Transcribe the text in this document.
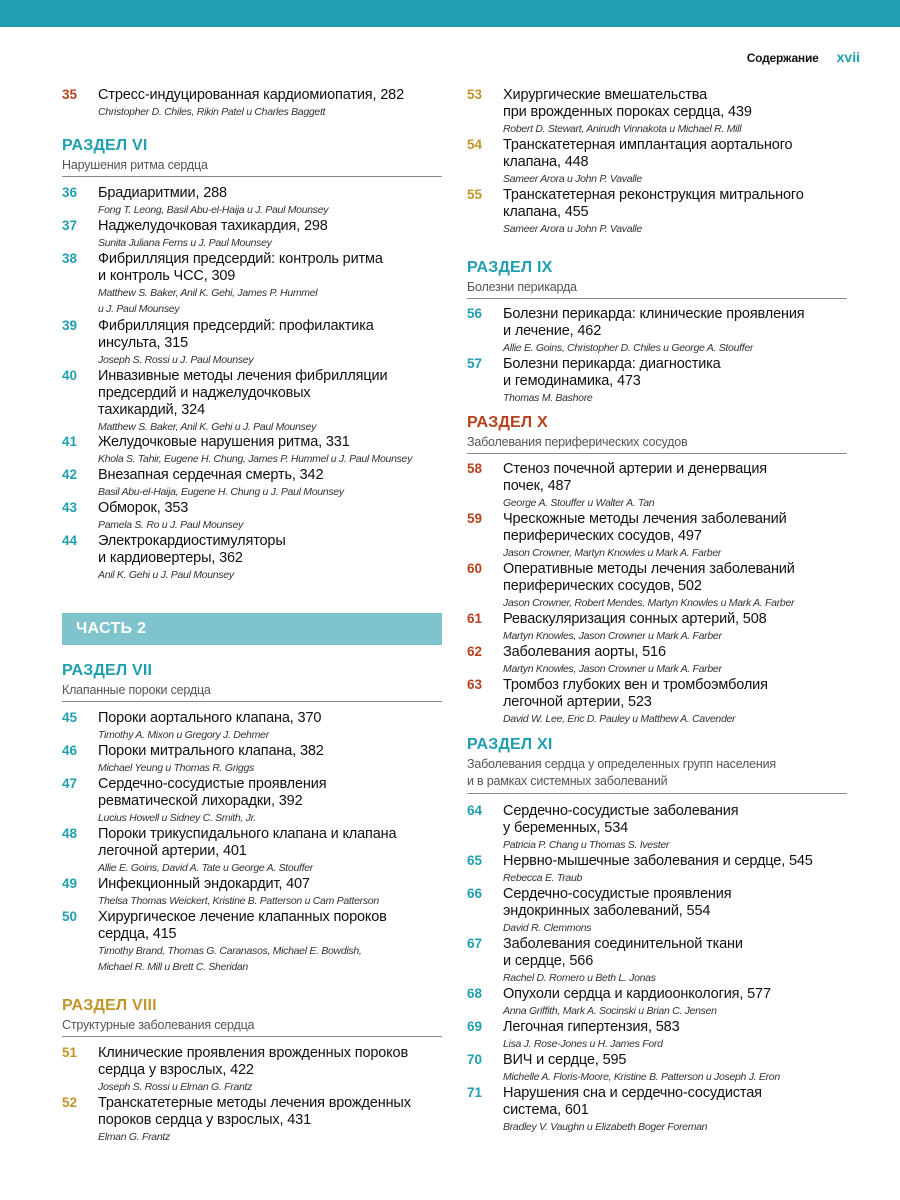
Содержание xvii
35 Стресс-индуцированная кардиомиопатия, 282
Christopher D. Chiles, Rikin Patel и Charles Baggett
РАЗДЕЛ VI
Нарушения ритма сердца
36 Брадиаритмии, 288
Fong T. Leong, Basil Abu-el-Haija и J. Paul Mounsey
37 Наджелудочковая тахикардия, 298
Sunita Juliana Ferns и J. Paul Mounsey
38 Фибрилляция предсердий: контроль ритма
и контроль ЧСС, 309
Matthew S. Baker, Anil K. Gehi, James P. Hummel
и J. Paul Mounsey
39 Фибрилляция предсердий: профилактика
инсульта, 315
Joseph S. Rossi и J. Paul Mounsey
40 Инвазивные методы лечения фибрилляции
предсердий и наджелудочковых
тахикардий, 324
Matthew S. Baker, Anil K. Gehi и J. Paul Mounsey
41 Желудочковые нарушения ритма, 331
Khola S. Tahir, Eugene H. Chung, James P. Hummel и J. Paul Mounsey
42 Внезапная сердечная смерть, 342
Basil Abu-el-Haija, Eugene H. Chung и J. Paul Mounsey
43 Обморок, 353
Pamela S. Ro и J. Paul Mounsey
44 Электрокардиостимуляторы
и кардиовертеры, 362
Anil K. Gehi и J. Paul Mounsey
РАЗДЕЛ VII
Клапанные пороки сердца
45 Пороки аортального клапана, 370
Timothy A. Mixon и Gregory J. Dehmer
46 Пороки митрального клапана, 382
Michael Yeung и Thomas R. Griggs
47 Сердечно-сосудистые проявления
ревматической лихорадки, 392
Lucius Howell и Sidney C. Smith, Jr.
48 Пороки трикуспидального клапана и клапана
легочной артерии, 401
Allie E. Goins, David A. Tate и George A. Stouffer
49 Инфекционный эндокардит, 407
Thelsa Thomas Weickert, Kristine B. Patterson и Cam Patterson
50 Хирургическое лечение клапанных пороков
сердца, 415
Timothy Brand, Thomas G. Caranasos, Michael E. Bowdish,
Michael R. Mill и Brett C. Sheridan
РАЗДЕЛ VIII
Структурные заболевания сердца
51 Клинические проявления врожденных пороков
сердца у взрослых, 422
Joseph S. Rossi и Elman G. Frantz
52 Транскатетерные методы лечения врожденных
пороков сердца у взрослых, 431
Elman G. Frantz
ЧАСТЬ 2
53 Хирургические вмешательства
при врожденных пороках сердца, 439
Robert D. Stewart, Anirudh Vinnakota и Michael R. Mill
54 Транскатетерная имплантация аортального
клапана, 448
Sameer Arora и John P. Vavalle
55 Транскатетерная реконструкция митрального
клапана, 455
Sameer Arora и John P. Vavalle
РАЗДЕЛ IX
Болезни перикарда
56 Болезни перикарда: клинические проявления
и лечение, 462
Allie E. Goins, Christopher D. Chiles и George A. Stouffer
57 Болезни перикарда: диагностика
и гемодинамика, 473
Thomas M. Bashore
РАЗДЕЛ X
Заболевания периферических сосудов
58 Стеноз почечной артерии и денервация
почек, 487
George A. Stouffer и Walter A. Tan
59 Чрескожные методы лечения заболеваний
периферических сосудов, 497
Jason Crowner, Martyn Knowles и Mark A. Farber
60 Оперативные методы лечения заболеваний
периферических сосудов, 502
Jason Crowner, Robert Mendes, Martyn Knowles и Mark A. Farber
61 Реваскуляризация сонных артерий, 508
Martyn Knowles, Jason Crowner и Mark A. Farber
62 Заболевания аорты, 516
Martyn Knowles, Jason Crowner и Mark A. Farber
63 Тромбоз глубоких вен и тромбоэмболия
легочной артерии, 523
David W. Lee, Eric D. Pauley и Matthew A. Cavender
РАЗДЕЛ XI
Заболевания сердца у определенных групп населения
и в рамках системных заболеваний
64 Сердечно-сосудистые заболевания
у беременных, 534
Patricia P. Chang и Thomas S. Ivester
65 Нервно-мышечные заболевания и сердце, 545
Rebecca E. Traub
66 Сердечно-сосудистые проявления
эндокринных заболеваний, 554
David R. Clemmons
67 Заболевания соединительной ткани
и сердце, 566
Rachel D. Romero и Beth L. Jonas
68 Опухоли сердца и кардиоонкология, 577
Anna Griffith, Mark A. Socinski и Brian C. Jensen
69 Легочная гипертензия, 583
Lisa J. Rose-Jones и H. James Ford
70 ВИЧ и сердце, 595
Michelle A. Floris-Moore, Kristine B. Patterson и Joseph J. Eron
71 Нарушения сна и сердечно-сосудистая
система, 601
Bradley V. Vaughn и Elizabeth Boger Foreman
